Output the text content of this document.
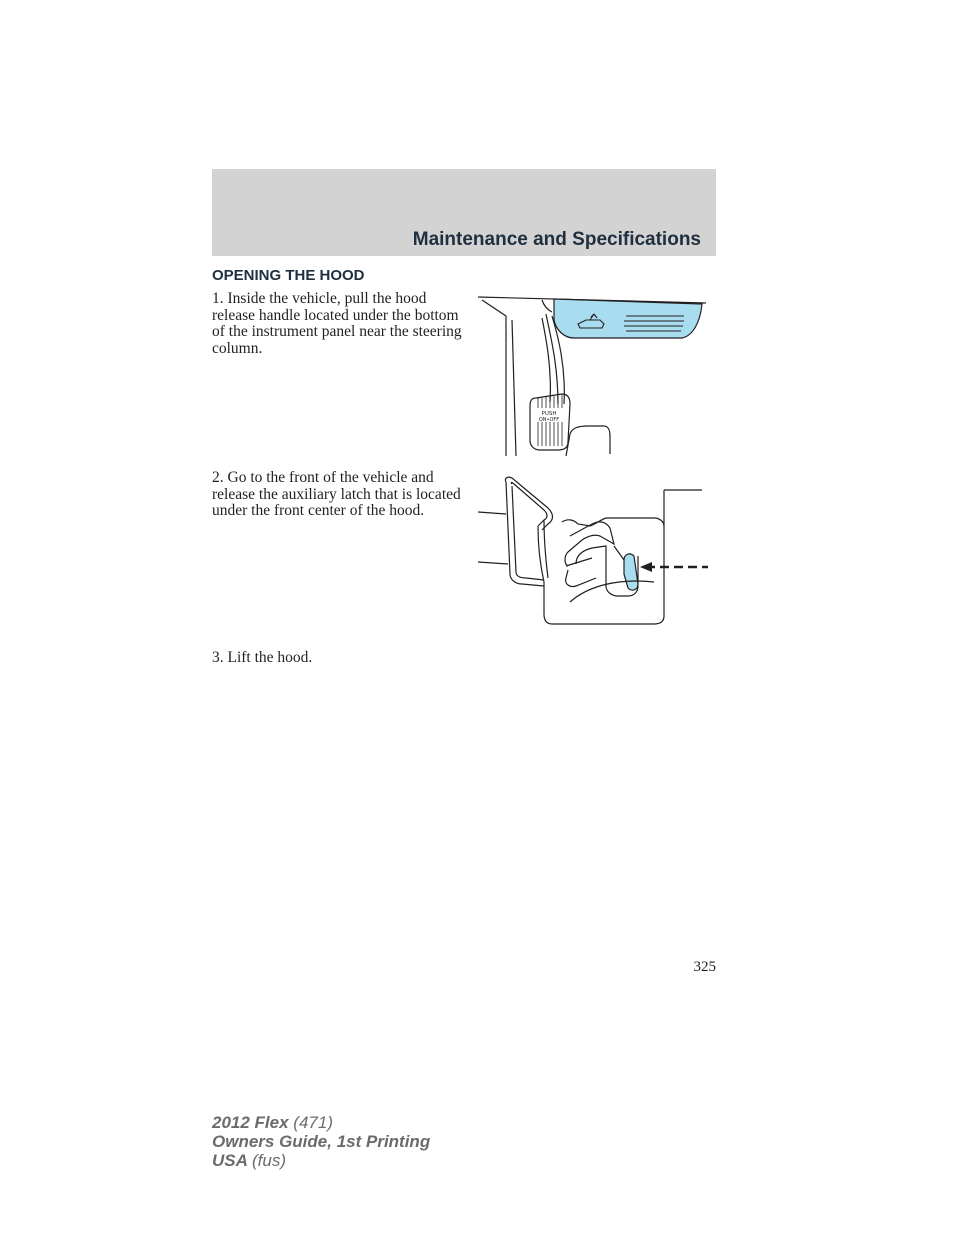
Maintenance and Specifications
OPENING THE HOOD
1. Inside the vehicle, pull the hood release handle located under the bottom of the instrument panel near the steering column.
2. Go to the front of the vehicle and release the auxiliary latch that is located under the front center of the hood.
3. Lift the hood.
PUSH
ON•OFF
325
2012 Flex (471)
Owners Guide, 1st Printing
USA (fus)
